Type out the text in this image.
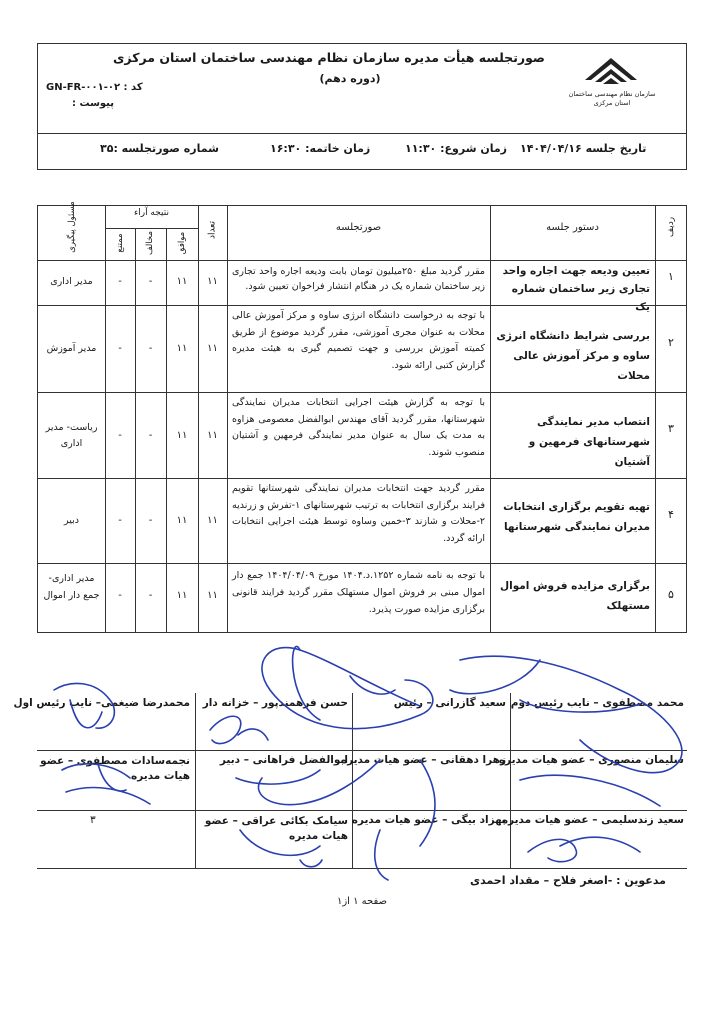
سازمان نظام مهندسی ساختمان استان مرکزی
صورتجلسه هیأت مدیره سازمان نظام مهندسی ساختمان استان مرکزی
(دوره دهم)
کد : GN-FR-۰۰۱-۰۲
پیوست :
تاریخ جلسه ۱۴۰۴/۰۴/۱۶
زمان شروع: ۱۱:۳۰
زمان خاتمه: ۱۶:۳۰
شماره صورتجلسه :۳۵
ردیف
دستور جلسه
صورتجلسه
تعداد
نتیجه آراء
موافق
مخالف
ممتنع
مسئول پیگیری
۱
تعیین ودیعه جهت اجاره واحد تجاری زیر ساختمان شماره یک
مقرر گردید مبلغ ۲۵۰میلیون تومان بابت ودیعه اجاره واحد تجاری زیر ساختمان شماره یک در هنگام انتشار فراخوان تعیین شود.
۱۱
۱۱
-
-
مدیر اداری
۲
بررسی شرایط دانشگاه انرژی ساوه و مرکز آموزش عالی محلات
با توجه به درخواست دانشگاه انرژی ساوه و مرکز آموزش عالی محلات به عنوان مجری آموزشی، مقرر گردید موضوع از طریق کمیته آموزش بررسی و جهت تصمیم گیری به هیئت مدیره گزارش کتبی ارائه شود.
۱۱
۱۱
-
-
مدیر آموزش
۳
انتصاب مدیر نمایندگی شهرستانهای فرمهین و آشتیان
با توجه به گزارش هیئت اجرایی انتخابات مدیران نمایندگی شهرستانها، مقرر گردید آقای مهندس ابوالفضل معصومی هزاوه به مدت یک سال به عنوان مدیر نمایندگی فرمهین و آشتیان منصوب شوند.
۱۱
۱۱
-
-
ریاست- مدیر اداری
۴
تهیه تقویم برگزاری انتخابات مدیران نمایندگی شهرستانها
مقرر گردید جهت انتخابات مدیران نمایندگی شهرستانها تقویم فرایند برگزاری انتخابات به ترتیب شهرستانهای ۱-تفرش و زرندیه ۲-محلات و شازند ۳-خمین وساوه توسط هیئت اجرایی انتخابات ارائه گردد.
۱۱
۱۱
-
-
دبیر
۵
برگزاری مزایده فروش اموال مستهلک
با توجه به نامه شماره ۱۲۵۲.د.۱۴۰۴ مورخ ۱۴۰۴/۰۴/۰۹ جمع دار اموال مبنی بر فروش اموال مستهلک مقرر گردید فرایند قانونی برگزاری مزایده صورت پذیرد.
۱۱
۱۱
-
-
مدیر اداری- جمع دار اموال
محمد مصطفوی – نایب رئیس دوم
سعید گازرانی – رئیس
حسن فرهمندپور – خزانه دار
محمدرضا ضیغمی– نایب رئیس اول
سلیمان منصوری – عضو هیات مدیره
زهرا دهقانی – عضو هیات مدیره
ابوالفضل فراهانی – دبیر
نجمه‌سادات مصطفوی – عضو هیات مدیره
سعید زندسلیمی – عضو هیات مدیره
بهزاد بیگی – عضو هیات مدیره
سیامک بکائی عراقی – عضو هیات مدیره
۳
مدعوین : -اصغر فلاح – مقداد احمدی
صفحه ۱ از۱
